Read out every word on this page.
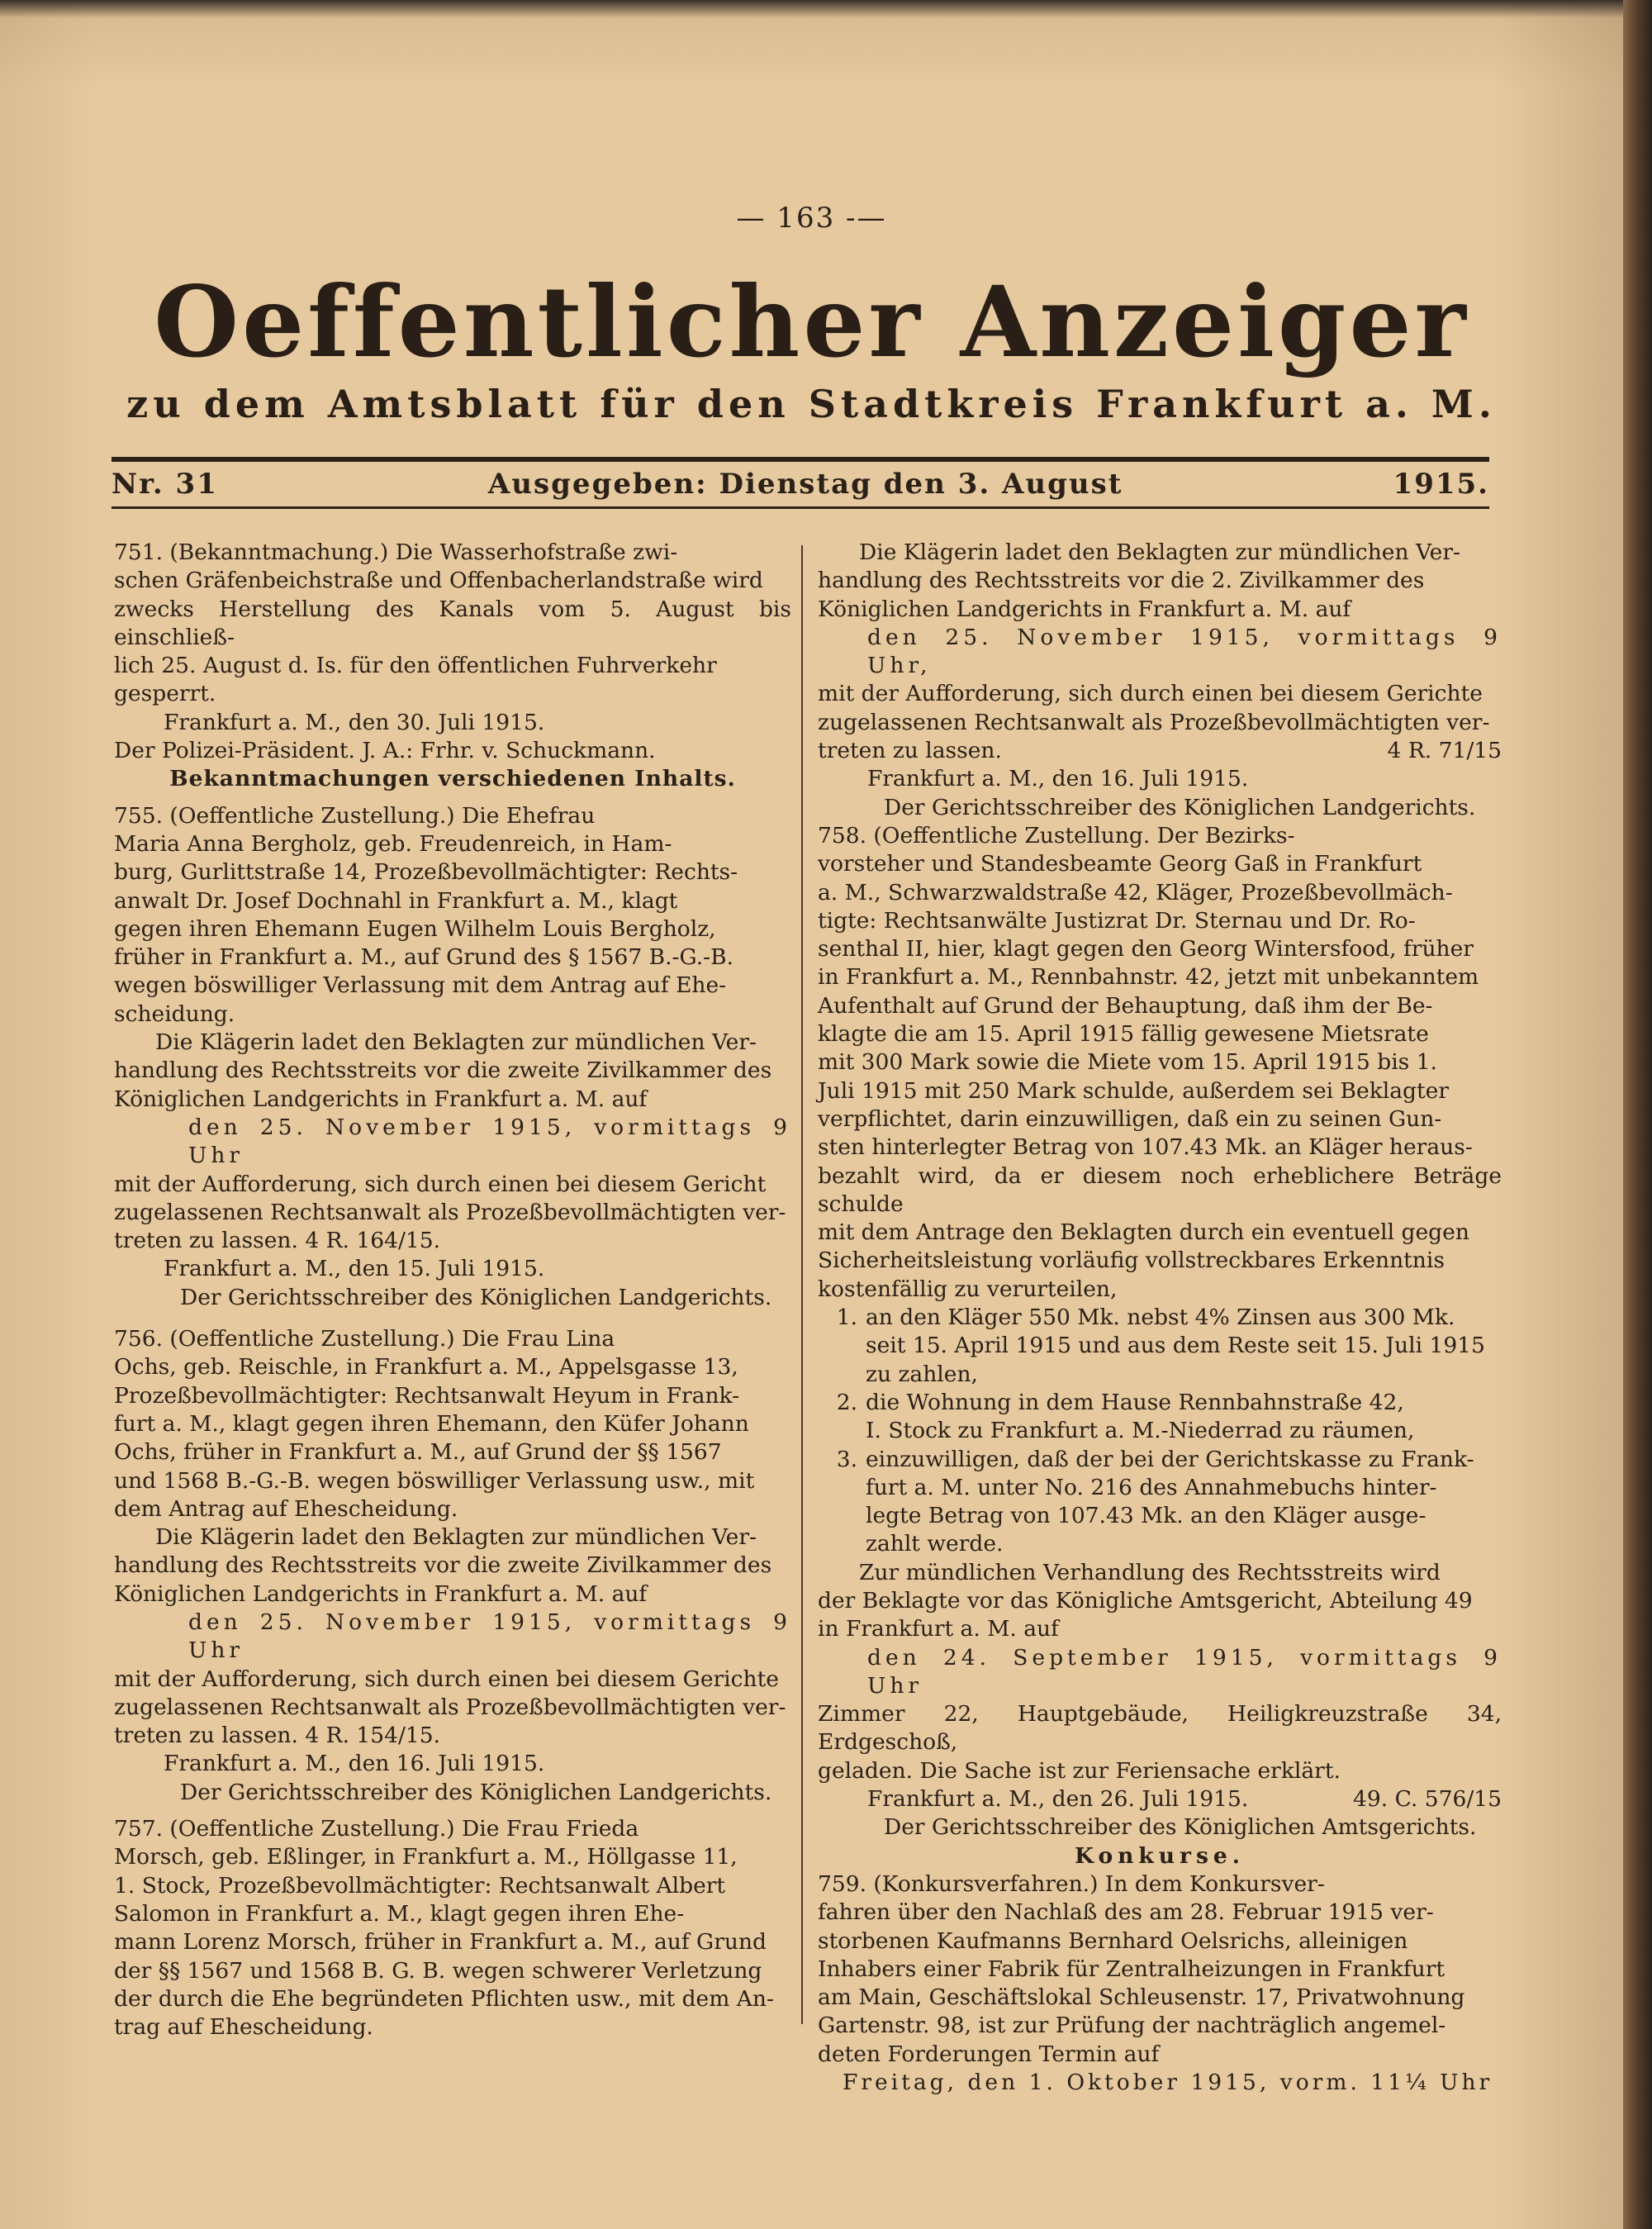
— 163 -—
Oeffentlicher Anzeiger
zu dem Amtsblatt für den Stadtkreis Frankfurt a. M.
Nr. 31	Ausgegeben: Dienstag den 3. August	1915.

751. (Bekanntmachung.) Die Wasserhofstraße zwi-

schen Gräfenbeichstraße und Offenbacherlandstraße wird

zwecks Herstellung des Kanals vom 5. August bis einschließ-

lich 25. August d. Is. für den öffentlichen Fuhrverkehr

gesperrt.

Frankfurt a. M., den 30. Juli 1915.

Der Polizei-Präsident. J. A.: Frhr. v. Schuckmann.

Bekanntmachungen verschiedenen Inhalts.

755. (Oeffentliche Zustellung.) Die Ehefrau

Maria Anna Bergholz, geb. Freudenreich, in Ham-

burg, Gurlittstraße 14, Prozeßbevollmächtigter: Rechts-

anwalt Dr. Josef Dochnahl in Frankfurt a. M., klagt

gegen ihren Ehemann Eugen Wilhelm Louis Bergholz,

früher in Frankfurt a. M., auf Grund des § 1567 B.-G.-B.

wegen böswilliger Verlassung mit dem Antrag auf Ehe-

scheidung.

Die Klägerin ladet den Beklagten zur mündlichen Ver-

handlung des Rechtsstreits vor die zweite Zivilkammer des

Königlichen Landgerichts in Frankfurt a. M. auf

den 25. November 1915, vormittags 9 Uhr

mit der Aufforderung, sich durch einen bei diesem Gericht

zugelassenen Rechtsanwalt als Prozeßbevollmächtigten ver-

treten zu lassen. 4 R. 164/15.

Frankfurt a. M., den 15. Juli 1915.

Der Gerichtsschreiber des Königlichen Landgerichts.

756. (Oeffentliche Zustellung.) Die Frau Lina

Ochs, geb. Reischle, in Frankfurt a. M., Appelsgasse 13,

Prozeßbevollmächtigter: Rechtsanwalt Heyum in Frank-

furt a. M., klagt gegen ihren Ehemann, den Küfer Johann

Ochs, früher in Frankfurt a. M., auf Grund der §§ 1567

und 1568 B.-G.-B. wegen böswilliger Verlassung usw., mit

dem Antrag auf Ehescheidung.

Die Klägerin ladet den Beklagten zur mündlichen Ver-

handlung des Rechtsstreits vor die zweite Zivilkammer des

Königlichen Landgerichts in Frankfurt a. M. auf

den 25. November 1915, vormittags 9 Uhr

mit der Aufforderung, sich durch einen bei diesem Gerichte

zugelassenen Rechtsanwalt als Prozeßbevollmächtigten ver-

treten zu lassen. 4 R. 154/15.

Frankfurt a. M., den 16. Juli 1915.

Der Gerichtsschreiber des Königlichen Landgerichts.

757. (Oeffentliche Zustellung.) Die Frau Frieda

Morsch, geb. Eßlinger, in Frankfurt a. M., Höllgasse 11,

1. Stock, Prozeßbevollmächtigter: Rechtsanwalt Albert

Salomon in Frankfurt a. M., klagt gegen ihren Ehe-

mann Lorenz Morsch, früher in Frankfurt a. M., auf Grund

der §§ 1567 und 1568 B. G. B. wegen schwerer Verletzung

der durch die Ehe begründeten Pflichten usw., mit dem An-

trag auf Ehescheidung.

Die Klägerin ladet den Beklagten zur mündlichen Ver-

handlung des Rechtsstreits vor die 2. Zivilkammer des

Königlichen Landgerichts in Frankfurt a. M. auf

den 25. November 1915, vormittags 9 Uhr,

mit der Aufforderung, sich durch einen bei diesem Gerichte

zugelassenen Rechtsanwalt als Prozeßbevollmächtigten ver-

treten zu lassen.	4 R. 71/15

Frankfurt a. M., den 16. Juli 1915.

Der Gerichtsschreiber des Königlichen Landgerichts.

758. (Oeffentliche Zustellung. Der Bezirks-

vorsteher und Standesbeamte Georg Gaß in Frankfurt

a. M., Schwarzwaldstraße 42, Kläger, Prozeßbevollmäch-

tigte: Rechtsanwälte Justizrat Dr. Sternau und Dr. Ro-

senthal II, hier, klagt gegen den Georg Wintersfood, früher

in Frankfurt a. M., Rennbahnstr. 42, jetzt mit unbekanntem

Aufenthalt auf Grund der Behauptung, daß ihm der Be-

klagte die am 15. April 1915 fällig gewesene Mietsrate

mit 300 Mark sowie die Miete vom 15. April 1915 bis 1.

Juli 1915 mit 250 Mark schulde, außerdem sei Beklagter

verpflichtet, darin einzuwilligen, daß ein zu seinen Gun-

sten hinterlegter Betrag von 107.43 Mk. an Kläger heraus-

bezahlt wird, da er diesem noch erheblichere Beträge schulde

mit dem Antrage den Beklagten durch ein eventuell gegen

Sicherheitsleistung vorläufig vollstreckbares Erkenntnis

kostenfällig zu verurteilen,

1. an den Kläger 550 Mk. nebst 4% Zinsen aus 300 Mk.

seit 15. April 1915 und aus dem Reste seit 15. Juli 1915

zu zahlen,

2. die Wohnung in dem Hause Rennbahnstraße 42,

I. Stock zu Frankfurt a. M.-Niederrad zu räumen,

3. einzuwilligen, daß der bei der Gerichtskasse zu Frank-

furt a. M. unter No. 216 des Annahmebuchs hinter-

legte Betrag von 107.43 Mk. an den Kläger ausge-

zahlt werde.

Zur mündlichen Verhandlung des Rechtsstreits wird

der Beklagte vor das Königliche Amtsgericht, Abteilung 49

in Frankfurt a. M. auf

den 24. September 1915, vormittags 9 Uhr

Zimmer 22, Hauptgebäude, Heiligkreuzstraße 34, Erdgeschoß,

geladen. Die Sache ist zur Feriensache erklärt.

Frankfurt a. M., den 26. Juli 1915.	49. C. 576/15

Der Gerichtsschreiber des Königlichen Amtsgerichts.

Konkurse.

759. (Konkursverfahren.) In dem Konkursver-

fahren über den Nachlaß des am 28. Februar 1915 ver-

storbenen Kaufmanns Bernhard Oelsrichs, alleinigen

Inhabers einer Fabrik für Zentralheizungen in Frankfurt

am Main, Geschäftslokal Schleusenstr. 17, Privatwohnung

Gartenstr. 98, ist zur Prüfung der nachträglich angemel-

deten Forderungen Termin auf

Freitag, den 1. Oktober 1915, vorm. 11¼ Uhr
